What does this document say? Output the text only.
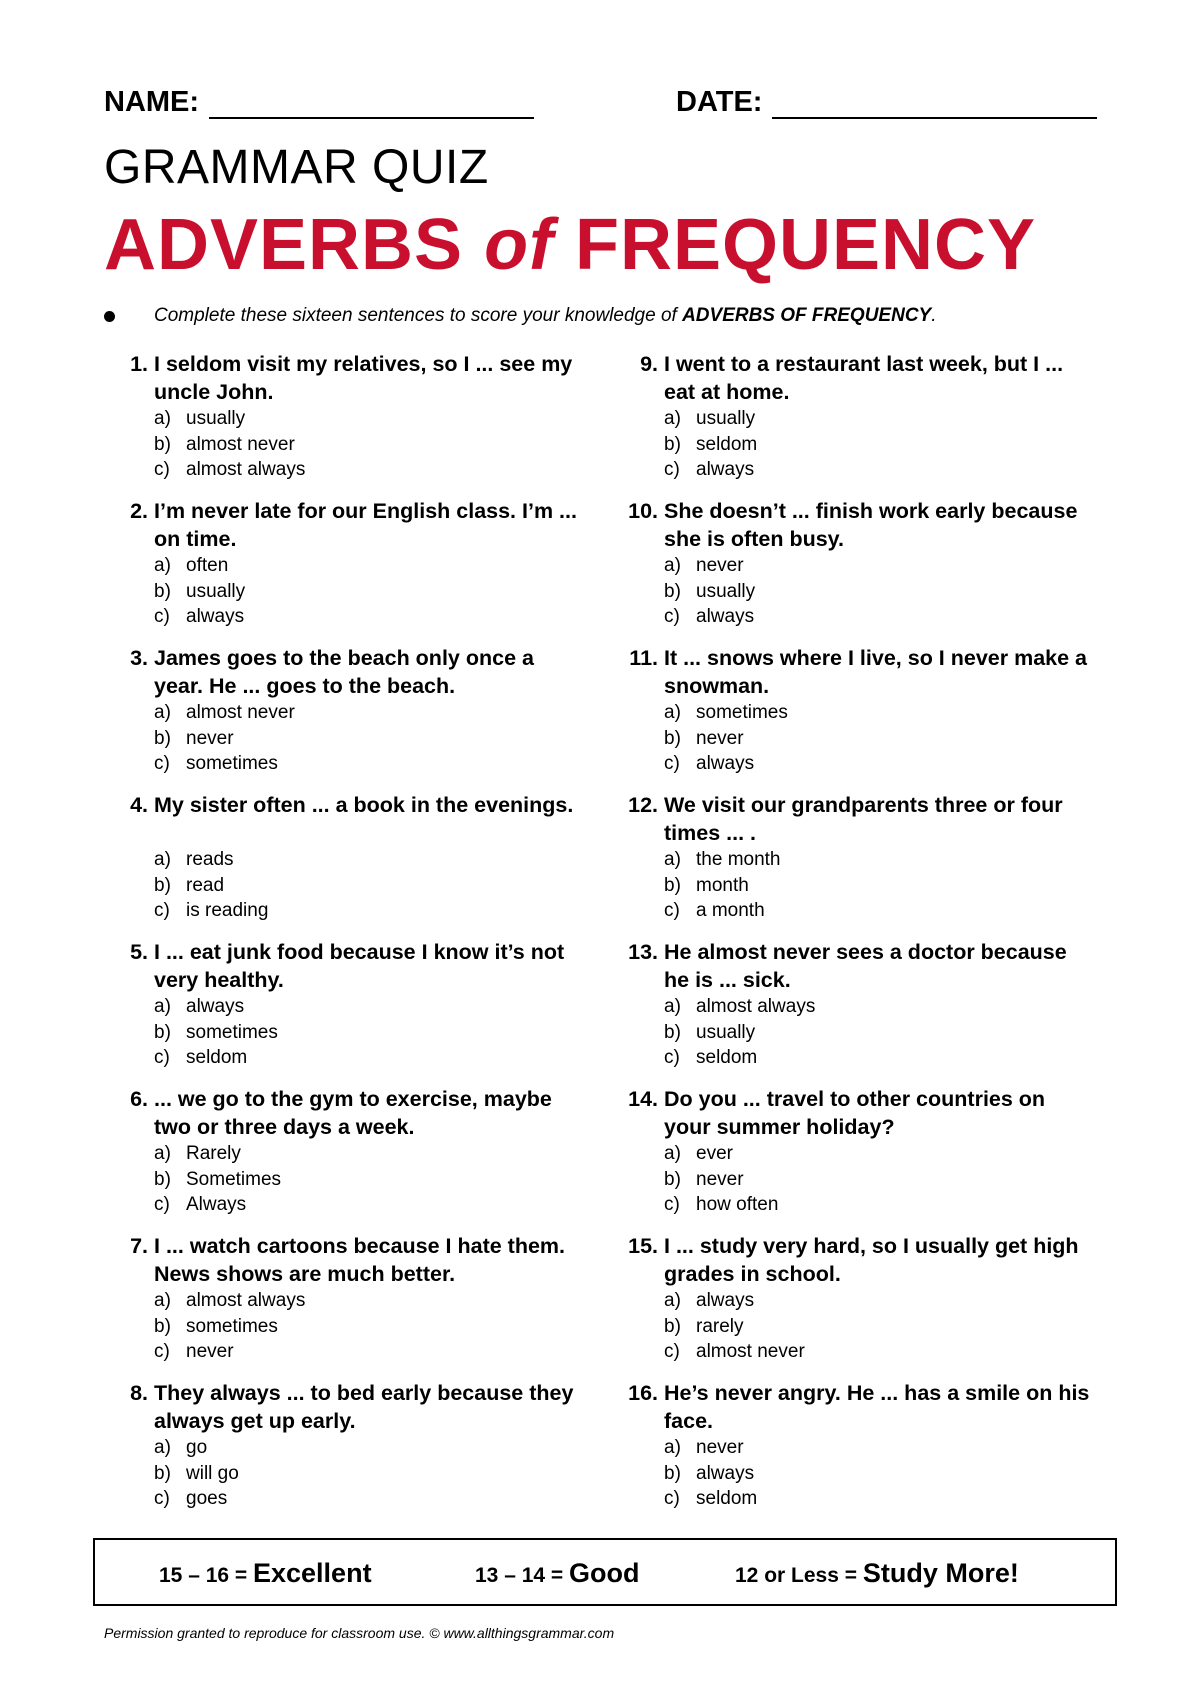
NAME:	DATE:
GRAMMAR QUIZ
ADVERBS of FREQUENCY
Complete these sixteen sentences to score your knowledge of ADVERBS OF FREQUENCY.
1. I seldom visit my relatives, so I ... see my uncle John.
a) usually
b) almost never
c) almost always
2. I’m never late for our English class. I’m ... on time.
a) often
b) usually
c) always
3. James goes to the beach only once a year. He ... goes to the beach.
a) almost never
b) never
c) sometimes
4. My sister often ... a book in the evenings.
a) reads
b) read
c) is reading
5. I ... eat junk food because I know it’s not very healthy.
a) always
b) sometimes
c) seldom
6. ... we go to the gym to exercise, maybe two or three days a week.
a) Rarely
b) Sometimes
c) Always
7. I ... watch cartoons because I hate them. News shows are much better.
a) almost always
b) sometimes
c) never
8. They always ... to bed early because they always get up early.
a) go
b) will go
c) goes
9. I went to a restaurant last week, but I ... eat at home.
a) usually
b) seldom
c) always
10. She doesn’t ... finish work early because she is often busy.
a) never
b) usually
c) always
11. It ... snows where I live, so I never make a snowman.
a) sometimes
b) never
c) always
12. We visit our grandparents three or four times ... .
a) the month
b) month
c) a month
13. He almost never sees a doctor because he is ... sick.
a) almost always
b) usually
c) seldom
14. Do you ... travel to other countries on your summer holiday?
a) ever
b) never
c) how often
15. I ... study very hard, so I usually get high grades in school.
a) always
b) rarely
c) almost never
16. He’s never angry. He ... has a smile on his face.
a) never
b) always
c) seldom
15 – 16 = Excellent	13 – 14 = Good	12 or Less = Study More!
Permission granted to reproduce for classroom use. © www.allthingsgrammar.com
